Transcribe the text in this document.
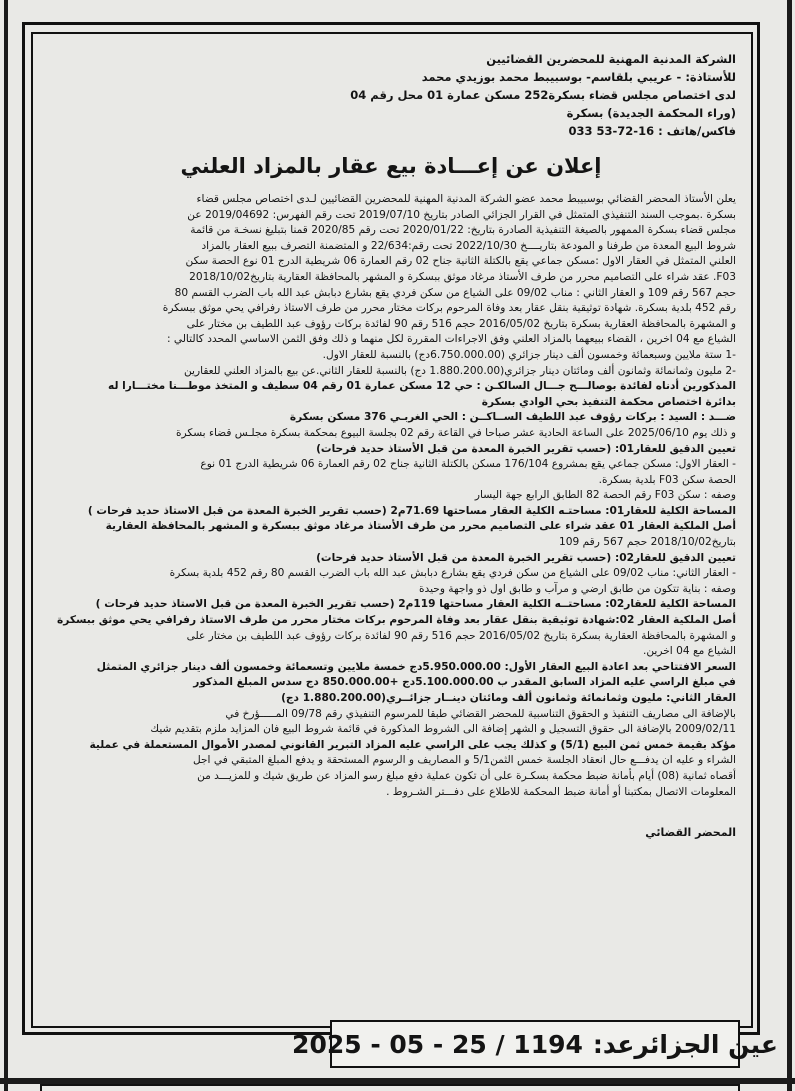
الشركة المدنية المهنية للمحضرين القضائيين

للأستاذة: - عريبي بلقاسم- بوسبيبط محمد بوزيدي محمد

لدى اختصاص مجلس قضاء بسكرة252 مسكن عمارة 01 محل رقم 04

(وراء المحكمة الجديدة) بسكرة

فاكس/هاتف : 16-72-53 033

إعلان عن إعـــادة بيع عقار بالمزاد العلني

يعلن الأستاذ المحضر القضائي بوسبيبط محمد عضو الشركة المدنية المهنية للمحضرين القضائيين لـدى اختصاص مجلس قضاء

بسكرة .بموجب السند التنفيذي المتمثل في القرار الجزائي الصادر بتاريخ 2019/07/10 تحت رقم الفهرس: 2019/04692 عن

مجلس قضاء بسكرة الممهور بالصيغة التنفيذية الصادرة بتاريخ: 2020/01/22 تحت رقم 2020/85 قمنا بتبليغ نسخـة من قائمة

شروط البيع المعدة من طرفنا و المودعة بتاريــــخ 2022/10/30 تحت رقم:22/634 و المتضمنة التصرف ببيع العقار بالمزاد

العلني المتمثل في العقار الاول :مسكن جماعي يقع بالكتلة الثانية جناح 02 رقم العمارة 06 شريطية الدرج 01 نوع الحصة سكن

F03. عقد شراء على التصاميم محرر من طرف الأستاذ مرغاد موثق ببسكرة و المشهر بالمحافظة العقارية بتاريخ2018/10/02

حجم 567 رقم 109 و العقار الثاني : مناب 09/02 على الشياع من سكن فردي يقع بشارع دبابش عبد الله باب الضرب القسم 80

رقم 452 بلدية بسكرة. شهادة توثيقية بنقل عقار بعد وفاة المرحوم بركات مختار محرر من طرف الاستاذ رفرافي يحي موثق ببسكرة

و المشهرة بالمحافظة العقارية بسكرة بتاريخ 2016/05/02 حجم 516 رقم 90 لفائدة بركات رؤوف عبد اللطيف بن مختار على

الشياع مع 04 اخرين ، القضاء ببيعهما بالمزاد العلني وفق الاجراءات المقررة لكل منهما و ذلك وفق الثمن الاساسي المحدد كالتالي :

-1 ستة ملايين وسبعمائة وخمسون ألف دينار جزائري (6.750.000.00دج) بالنسبة للعقار الاول.

-2 مليون وثمانمائة وثمانون ألف ومائتان دينار جزائري(1.880.200.00 دج) بالنسبة للعقار الثاني.عن بيع بالمزاد العلني للعقارين

المذكورين أدناه لفائدة بوصالـــح جـــال السالكـن : حي 12 مسكن عمارة 01 رقم 04 سطيف و المتخذ موطـــنا مختـــارا له

بدائرة اختصاص محكمة التنفيذ بحي الوادي بسكرة

ضـــد : السيد : بركات رؤوف عبد اللطيف الســاكــن : الحي الغربـي 376 مسكن بسكرة

و ذلك يوم 2025/06/10 على الساعة الحادية عشر صباحا في القاعة رقم 02 بجلسة البيوع بمحكمة بسكرة مجلـس قضاء بسكرة

تعيين الدقيق للعقار01: (حسب تقرير الخبرة المعدة من قبل الأستاذ حديد فرحات)

- العقار الاول: مسكن جماعي يقع بمشروع 176/104 مسكن بالكتلة الثانية جناح 02 رقم العمارة 06 شريطية الدرج 01 نوع

الحصة سكن F03 بلدية بسكرة.

وصفه : سكن F03 رقم الحصة 82 الطابق الرابع جهة اليسار

المساحة الكلية للعقار01: مساحتـه الكلية العقار مساحتها 71.69م2 (حسب تقرير الخبرة المعدة من قبل الاستاذ حديد فرحات )

أصل الملكية العقار 01 عقد شراء على التصاميم محرر من طرف الأستاذ مرغاد موثق ببسكرة و المشهر بالمحافظة العقارية

بتاريخ2018/10/02 حجم 567 رقم 109

تعيين الدقيق للعقار02: (حسب تقرير الخبرة المعدة من قبل الأستاذ حديد فرحات)

- العقار الثاني: مناب 09/02 على الشياع من سكن فردي يقع بشارع دبابش عبد الله باب الضرب القسم 80 رقم 452 بلدية بسكرة

وصفه : بناية تتكون من طابق ارضي و مرآب و طابق اول ذو واجهة وحيدة

المساحة الكلية للعقار02: مساحتــه الكلية العقار مساحتها 119م2 (حسب تقرير الخبرة المعدة من قبل الاستاذ حديد فرحات )

أصل الملكية العقار 02:شهادة توثيقية بنقل عقار بعد وفاة المرحوم بركات مختار محرر من طرف الاستاذ رفرافي يحي موثق ببسكرة

و المشهرة بالمحافظة العقارية بسكرة بتاريخ 2016/05/02 حجم 516 رقم 90 لفائدة بركات رؤوف عبد اللطيف بن مختار على

الشياع مع 04 اخرين.

السعر الافتتاحي بعد اعادة البيع العقار الأول: 5.950.000.00دج خمسة ملايين وتسعمائة وخمسون ألف دينار جزائري المتمثل

في مبلغ الراسي عليه المزاد السابق المقدر ب 5.100.000.00دج +850.000.00 دج سدس المبلغ المذكور

العقار الثاني: مليون وثمانمائة وثمانون ألف ومائتان دينــار جزائــري(1.880.200.00 دج)

بالإضافة الى مصاريف التنفيذ و الحقوق التناسبية للمحضر القضائي طبقا للمرسوم التنفيذي رقم 09/78 المـــــؤرخ في

2009/02/11 بالإضافة الى حقوق التسجيل و الشهر إضافة الى الشروط المذكورة في قائمة شروط البيع فان المزايد ملزم بتقديم شيك

مؤكد بقيمة خمس ثمن البيع (5/1) و كذلك يجب على الراسي عليه المزاد التبرير القانوني لمصدر الأموال المستعملة في عملية

الشراء و عليه ان يدفـــع حال انعقاد الجلسة خمس الثمن5/1 و المصاريف و الرسوم المستحقة و يدفع المبلغ المتبقي في اجل

أقصاه ثمانية (08) أيام بأمانة ضبط محكمة بسكـرة على أن تكون عملية دفع مبلغ رسو المزاد عن طريق شيك و للمزيـــد من

المعلومات الاتصال بمكتبنا أو أمانة ضبط المحكمة للاطلاع على دفـــتر الشـروط .

المحضر القضائي
عين الجزائرعد:
2025 - 05 - 25 / 1194
